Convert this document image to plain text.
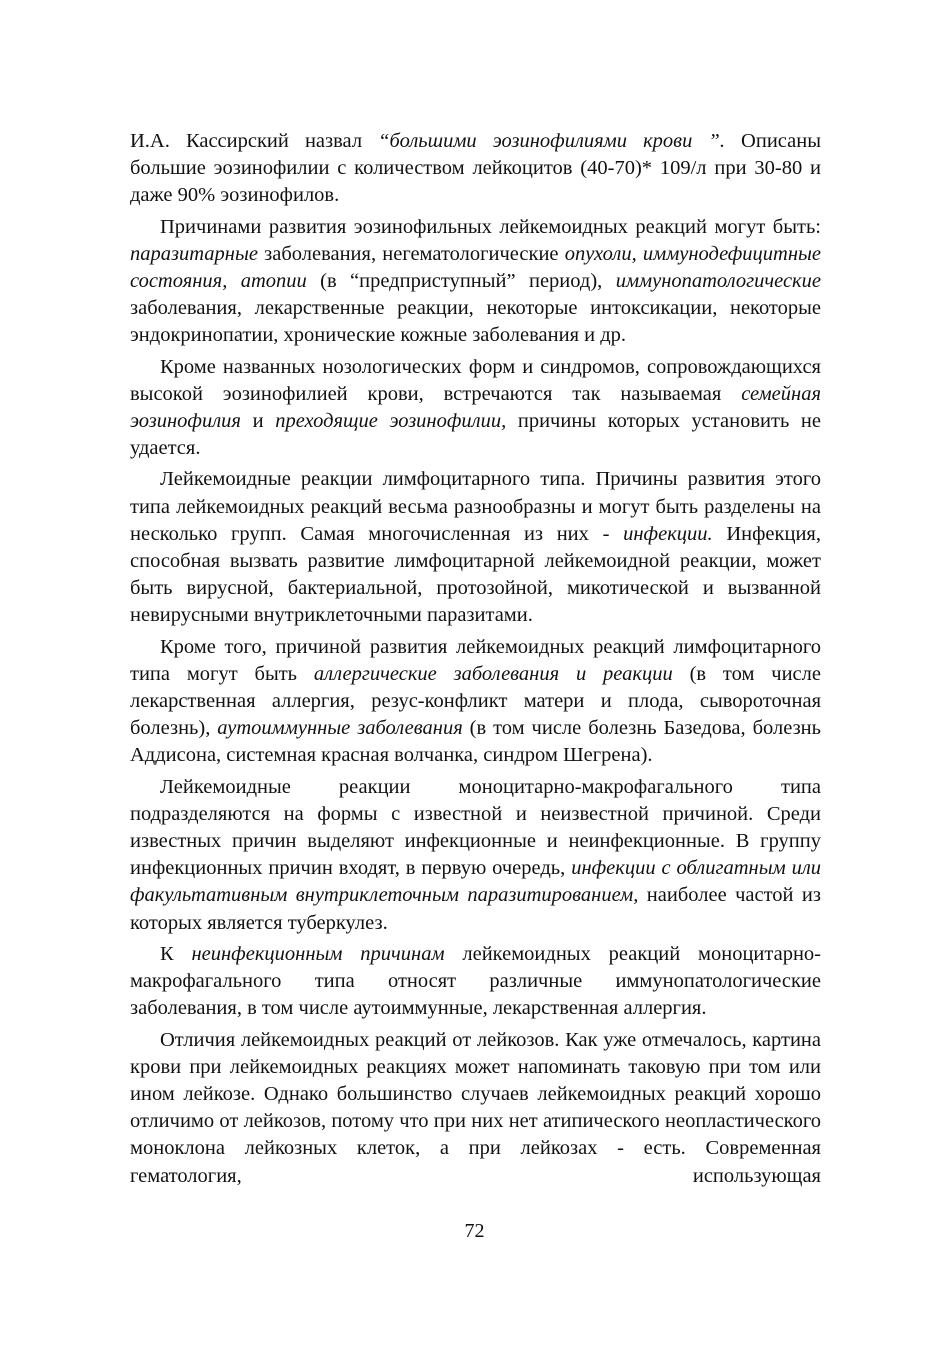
И.А. Кассирский назвал “большими эозинофилиями крови ”. Описаны большие эозинофилии с количеством лейкоцитов (40-70)* 109/л при 30-80 и даже 90% эозинофилов.

Причинами развития эозинофильных лейкемоидных реакций могут быть: паразитарные заболевания, негематологические опухоли, иммунодефицитные состояния, атопии (в “предприступный” период), иммунопатологические заболевания, лекарственные реакции, некоторые интоксикации, некоторые эндокринопатии, хронические кожные заболевания и др.

Кроме названных нозологических форм и синдромов, сопровождающихся высокой эозинофилией крови, встречаются так называемая семейная эозинофилия и преходящие эозинофилии, причины которых установить не удается.

Лейкемоидные реакции лимфоцитарного типа. Причины развития этого типа лейкемоидных реакций весьма разнообразны и могут быть разделены на несколько групп. Самая многочисленная из них - инфекции. Инфекция, способная вызвать развитие лимфоцитарной лейкемоидной реакции, может быть вирусной, бактериальной, протозойной, микотической и вызванной невирусными внутриклеточными паразитами.

Кроме того, причиной развития лейкемоидных реакций лимфоцитарного типа могут быть аллергические заболевания и реакции (в том числе лекарственная аллергия, резус-конфликт матери и плода, сывороточная болезнь), аутоиммунные заболевания (в том числе болезнь Базедова, болезнь Аддисона, системная красная волчанка, синдром Шегрена).

Лейкемоидные реакции моноцитарно-макрофагального типа подразделяются на формы с известной и неизвестной причиной. Среди известных причин выделяют инфекционные и неинфекционные. В группу инфекционных причин входят, в первую очередь, инфекции с облигатным или факультативным внутриклеточным паразитированием, наиболее частой из которых является туберкулез.

К неинфекционным причинам лейкемоидных реакций моноцитарно-макрофагального типа относят различные иммунопатологические заболевания, в том числе аутоиммунные, лекарственная аллергия.

Отличия лейкемоидных реакций от лейкозов. Как уже отмечалось, картина крови при лейкемоидных реакциях может напоминать таковую при том или ином лейкозе. Однако большинство случаев лейкемоидных реакций хорошо отличимо от лейкозов, потому что при них нет атипического неопластического моноклона лейкозных клеток, а при лейкозах - есть. Современная гематология, использующая

72
